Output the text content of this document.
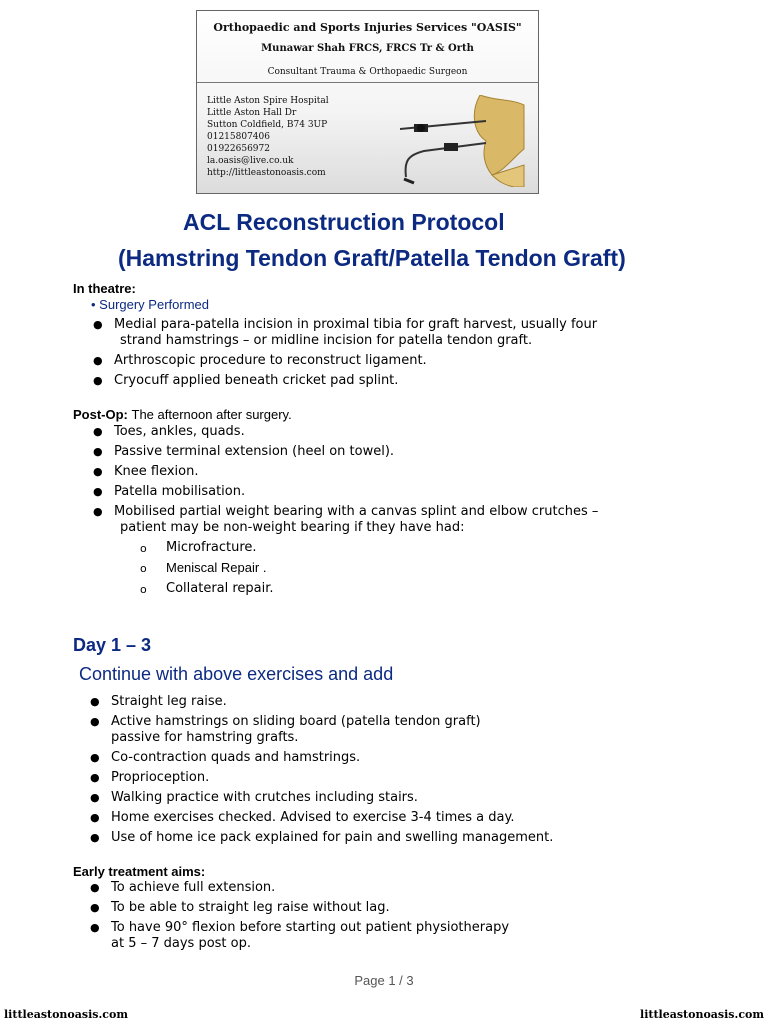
Orthopaedic and Sports Injuries Services "OASIS"
Munawar Shah FRCS, FRCS Tr & Orth
Consultant Trauma & Orthopaedic Surgeon
Little Aston Spire Hospital
Little Aston Hall Dr
Sutton Coldfield, B74 3UP
01215807406
01922656972
la.oasis@live.co.uk
http://littleastonoasis.com
ACL Reconstruction Protocol
(Hamstring Tendon Graft/Patella Tendon Graft)
In theatre:
• Surgery Performed
● Medial para-patella incision in proximal tibia for graft harvest, usually four
strand hamstrings – or midline incision for patella tendon graft.
● Arthroscopic procedure to reconstruct ligament.
● Cryocuff applied beneath cricket pad splint.
Post-Op: The afternoon after surgery.
● Toes, ankles, quads.
● Passive terminal extension (heel on towel).
● Knee flexion.
● Patella mobilisation.
● Mobilised partial weight bearing with a canvas splint and elbow crutches –
patient may be non-weight bearing if they have had:
o Microfracture.
o Meniscal Repair .
o Collateral repair.
Day 1 – 3
Continue with above exercises and add
● Straight leg raise.
● Active hamstrings on sliding board (patella tendon graft)
passive for hamstring grafts.
● Co-contraction quads and hamstrings.
● Proprioception.
● Walking practice with crutches including stairs.
● Home exercises checked. Advised to exercise 3-4 times a day.
● Use of home ice pack explained for pain and swelling management.
Early treatment aims:
● To achieve full extension.
● To be able to straight leg raise without lag.
● To have 90° flexion before starting out patient physiotherapy
at 5 – 7 days post op.
Page 1 / 3
littleastonoasis.com	littleastonoasis.com
